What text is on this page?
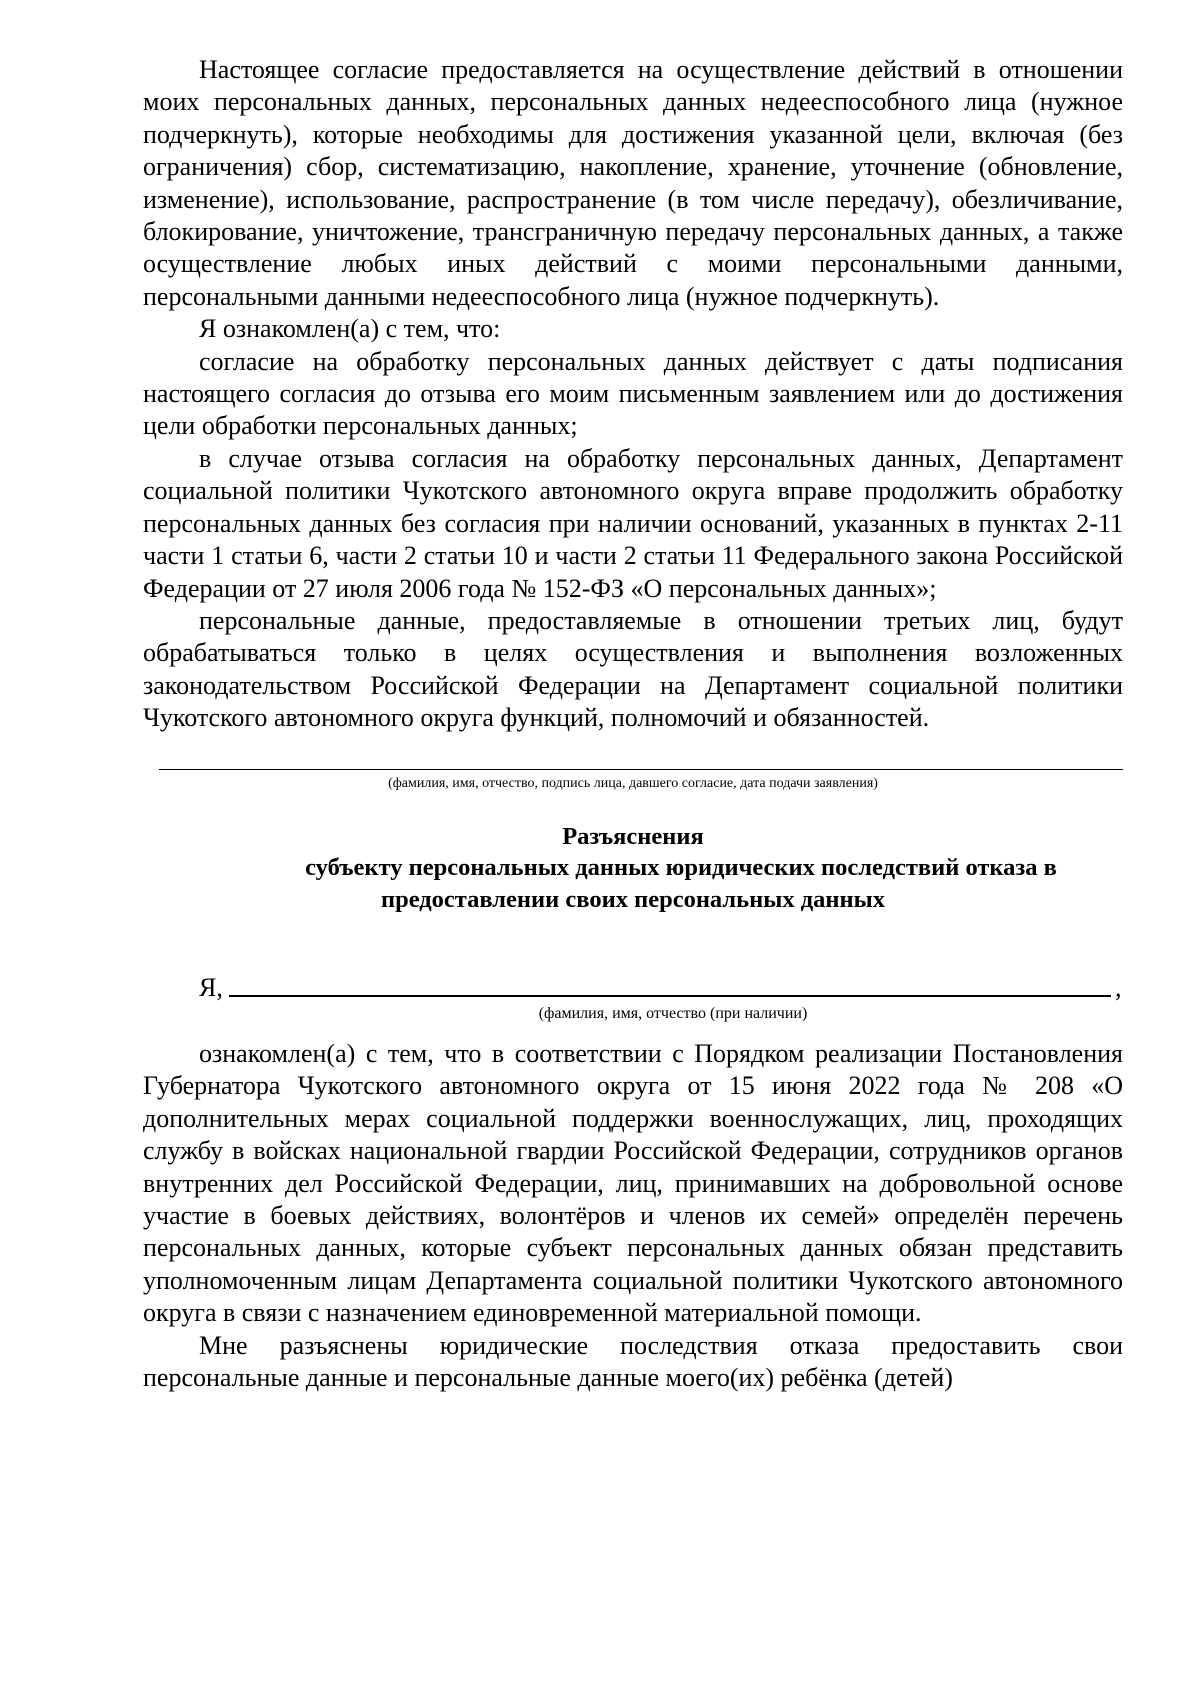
Настоящее согласие предоставляется на осуществление действий в отношении моих персональных данных, персональных данных недееспособного лица (нужное подчеркнуть), которые необходимы для достижения указанной цели, включая (без ограничения) сбор, систематизацию, накопление, хранение, уточнение (обновление, изменение), использование, распространение (в том числе передачу), обезличивание, блокирование, уничтожение, трансграничную передачу персональных данных, а также осуществление любых иных действий с моими персональными данными, персональными данными недееспособного лица (нужное подчеркнуть).

Я ознакомлен(а) с тем, что:

согласие на обработку персональных данных действует с даты подписания настоящего согласия до отзыва его моим письменным заявлением или до достижения цели обработки персональных данных;

в случае отзыва согласия на обработку персональных данных, Департамент социальной политики Чукотского автономного округа вправе продолжить обработку персональных данных без согласия при наличии оснований, указанных в пунктах 2-11 части 1 статьи 6, части 2 статьи 10 и части 2 статьи 11 Федерального закона Российской Федерации от 27 июля 2006 года № 152-ФЗ «О персональных данных»;

персональные данные, предоставляемые в отношении третьих лиц, будут обрабатываться только в целях осуществления и выполнения возложенных законодательством Российской Федерации на Департамент социальной политики Чукотского автономного округа функций, полномочий и обязанностей.

(фамилия, имя, отчество, подпись лица, давшего согласие, дата подачи заявления)

Разъяснения
субъекту персональных данных юридических последствий отказа в
предоставлении своих персональных данных
Я,	,

(фамилия, имя, отчество (при наличии)

ознакомлен(а) с тем, что в соответствии с Порядком реализации Постановления Губернатора Чукотского автономного округа от 15 июня 2022 года № 208 «О дополнительных мерах социальной поддержки военнослужащих, лиц, проходящих службу в войсках национальной гвардии Российской Федерации, сотрудников органов внутренних дел Российской Федерации, лиц, принимавших на добровольной основе участие в боевых действиях, волонтёров и членов их семей» определён перечень персональных данных, которые субъект персональных данных обязан представить уполномоченным лицам Департамента социальной политики Чукотского автономного округа в связи с назначением единовременной материальной помощи.

Мне разъяснены юридические последствия отказа предоставить свои персональные данные и персональные данные моего(их) ребёнка (детей)
